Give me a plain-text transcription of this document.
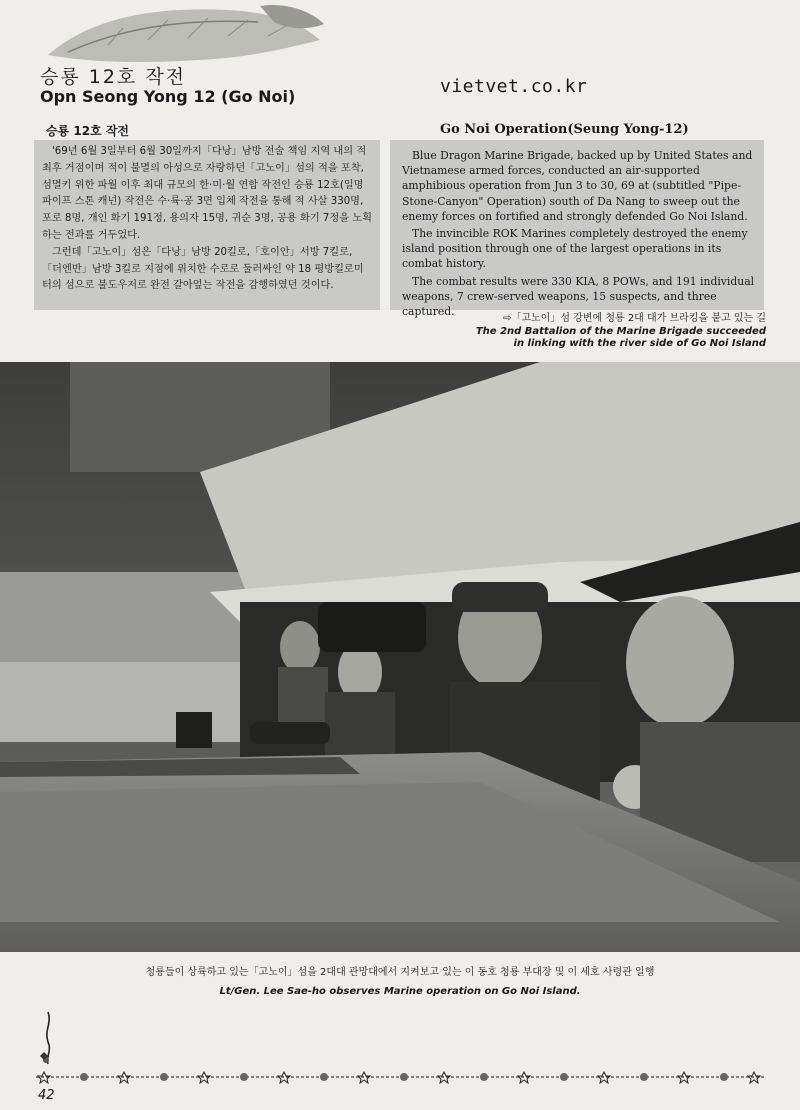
승룡 12호 작전
Opn Seong Yong 12 (Go Noi)	vietvet.co.kr
승룡 12호 작전	Go Noi Operation(Seung Yong-12)

'69년 6월 3일부터 6월 30일까지「다낭」남방 전술 책임 지역 내의 적 최후 거점이며 적이 불멸의 아성으로 자랑하던「고노이」섬의 적을 포착, 섬멸키 위한 파월 이후 최대 규모의 한·미·월 연합 작전인 승룡 12호(일명 파이프 스톤 캐넌) 작전은 수·륙·공 3면 입체 작전을 통해 적 사살 330명, 포로 8명, 개인 화기 191정, 용의자 15명, 귀순 3명, 공용 화기 7정을 노획하는 전과를 거두었다.

그런데「고노이」섬은「다낭」남방 20킬로,「호이안」서방 7킬로,「더엔반」남방 3킬로 지점에 위치한 수로로 둘러싸인 약 18 평방킬로미터의 섬으로 불도우저로 완전 갈아엎는 작전을 감행하였던 것이다.

Blue Dragon Marine Brigade, backed up by United States and Vietnamese armed forces, conducted an air-supported amphibious operation from Jun 3 to 30, 69 at (subtitled "Pipe-Stone-Canyon" Operation) south of Da Nang to sweep out the enemy forces on fortified and strongly defended Go Noi Island.

The invincible ROK Marines completely destroyed the enemy island position through one of the largest operations in its combat history.

The combat results were 330 KIA, 8 POWs, and 191 individual weapons, 7 crew-served weapons, 15 suspects, and three captured.

⇨「고노이」섬 강변에 청룡 2대 대가 브라킹을 붙고 있는 길
The 2nd Battalion of the Marine Brigade succeeded
in linking with the river side of Go Noi Island
청룡들이 상륙하고 있는「고노이」섬을 2대대 관망대에서 지켜보고 있는 이 동호 청룡 부대장 및 이 세호 사령관 일행
Lt/Gen. Lee Sae-ho observes Marine operation on Go Noi Island.
42
